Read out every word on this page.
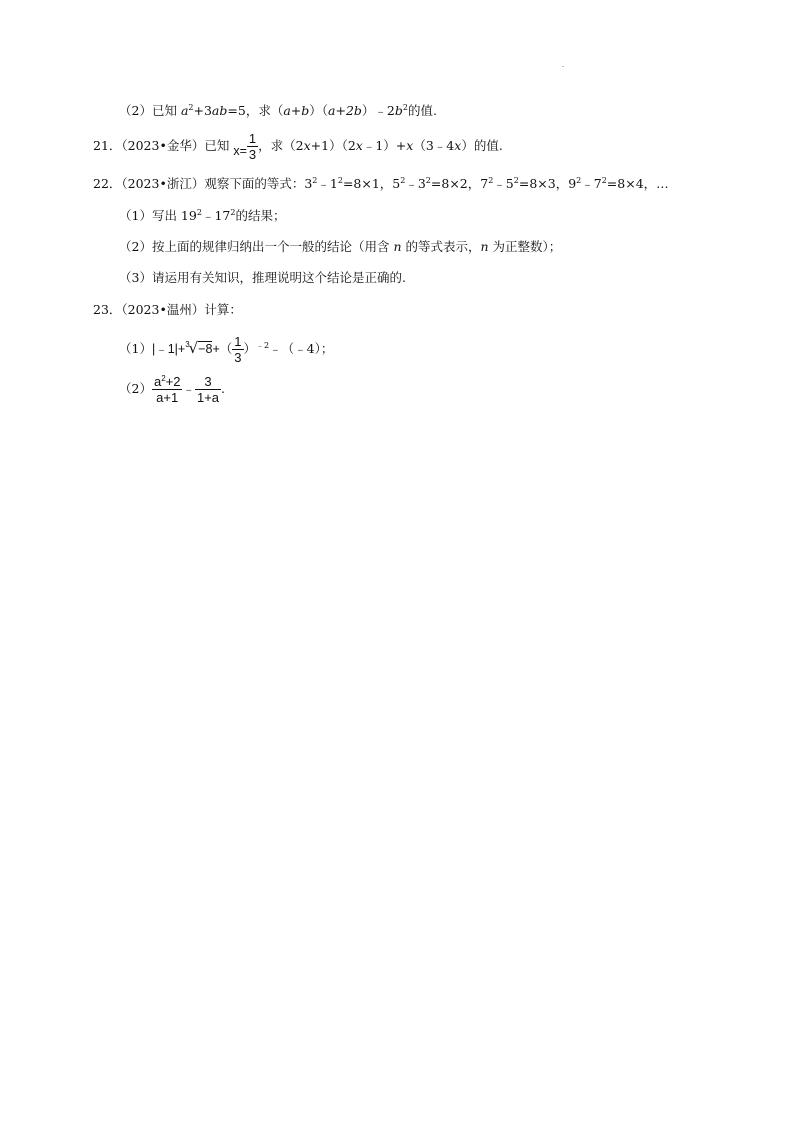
（2）已知 $a^2+3ab=5$，求$(a+b)(a+2b)﹣2b^2$的值.
21．（2023•金华）已知 $x= \frac{1}{3}$ ，求（2x+1）（2x﹣1）+x（3﹣4x）的值.
22．（2023•浙江）观察下面的等式：$3^2﹣1^2=8\times 1$，$5^2﹣3^2=8\times 2$，$7^2﹣5^2=8\times 3$，$9^2﹣7^2=8\times 4$，…
（1）写出 $19^2﹣17^2$的结果；
（2）按上面的规律归纳出一个一般的结论（用含 n 的等式表示，n 为正整数）；
（3）请运用有关知识，推理说明这个结论是正确的.
23．（2023•温州）计算：
（1）|﹣1|+$^3$√−8+（ $\frac{1}{3}$ ）$^{﹣2}$﹣（﹣4）；
$(2) \frac{a^2+2}{a+1}$ ﹣ $\frac{3}{1+a}$ .
